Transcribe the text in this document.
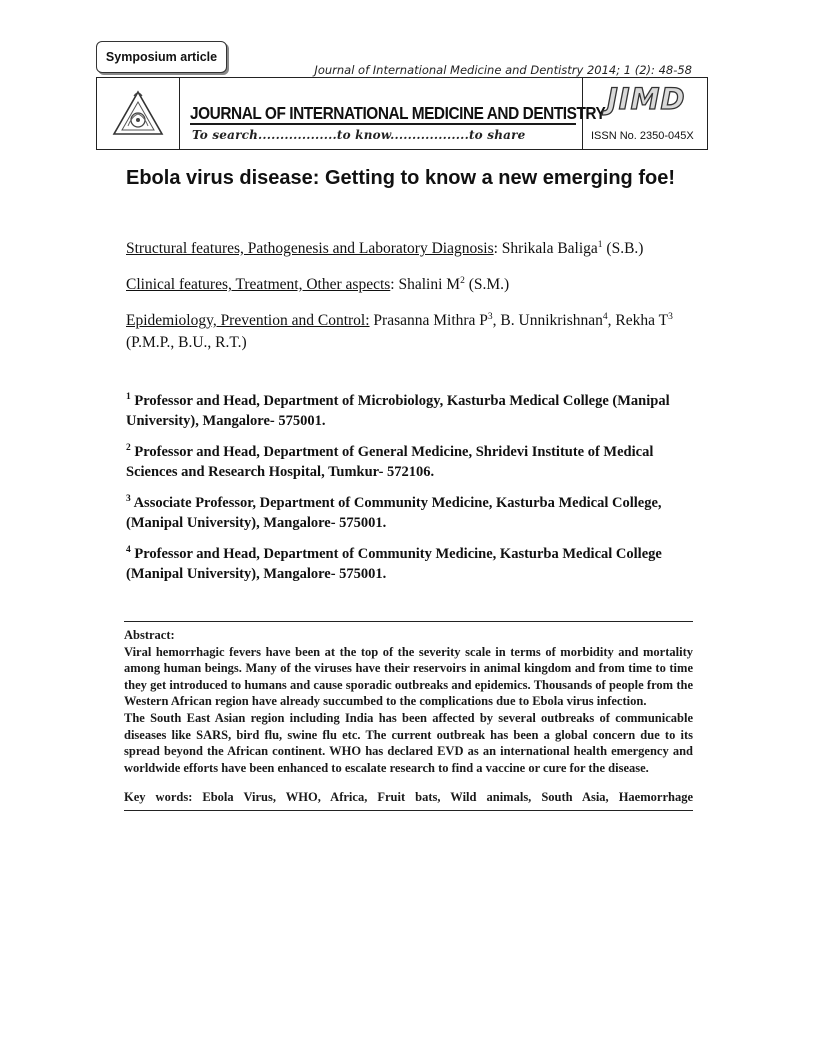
Symposium article
Journal of International Medicine and Dentistry 2014; 1 (2): 48-58
JOURNAL OF INTERNATIONAL MEDICINE AND DENTISTRY
To search..................to know..................to share
JIMD
ISSN No. 2350-045X
Ebola virus disease: Getting to know a new emerging foe!
Structural features, Pathogenesis and Laboratory Diagnosis: Shrikala Baliga$^1$ (S.B.)
Clinical features, Treatment, Other aspects: Shalini $M^2$ (S.M.)
Epidemiology, Prevention and Control: Prasanna Mithra $P^3$, B. Unnikrishnan$^4$, Rekha $T^3$ (P.M.P., B.U., R.T.)
$^1$ Professor and Head, Department of Microbiology, Kasturba Medical College (Manipal University), Mangalore- 575001.
$^2$ Professor and Head, Department of General Medicine, Shridevi Institute of Medical Sciences and Research Hospital, Tumkur- 572106.
$^3$ Associate Professor, Department of Community Medicine, Kasturba Medical College, (Manipal University), Mangalore- 575001.
$^4$ Professor and Head, Department of Community Medicine, Kasturba Medical College (Manipal University), Mangalore- 575001.
Abstract:

Viral hemorrhagic fevers have been at the top of the severity scale in terms of morbidity and mortality among human beings. Many of the viruses have their reservoirs in animal kingdom and from time to time they get introduced to humans and cause sporadic outbreaks and epidemics. Thousands of people from the Western African region have already succumbed to the complications due to Ebola virus infection.

The South East Asian region including India has been affected by several outbreaks of communicable diseases like SARS, bird flu, swine flu etc. The current outbreak has been a global concern due to its spread beyond the African continent. WHO has declared EVD as an international health emergency and worldwide efforts have been enhanced to escalate research to find a vaccine or cure for the disease.

Key words: Ebola Virus, WHO, Africa, Fruit bats, Wild animals, South Asia, Haemorrhage
